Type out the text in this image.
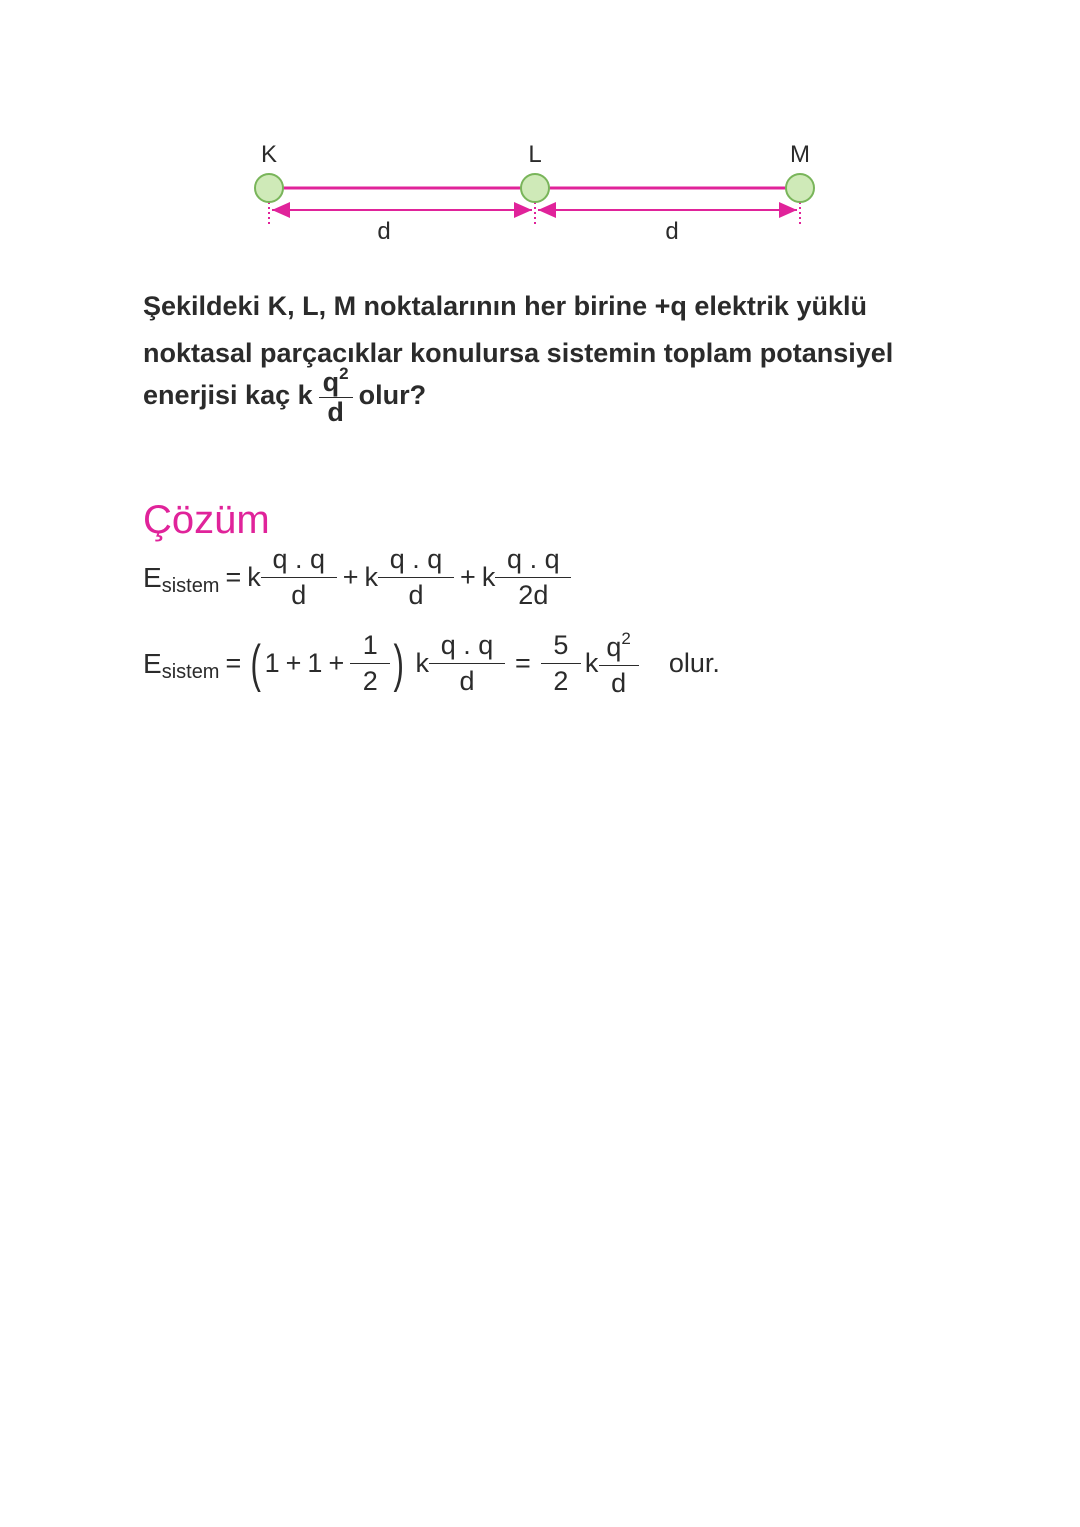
K	L	M
d	d
Şekildeki K, L, M noktalarının her birine +q elektrik yüklü
noktasal parçacıklar konulursa sistemin toplam potansiyel
enerjisi kaç k $\frac{q^2}{d}$ olur?
Çözüm
E sistem = k $\frac{q . q}{d} + k \frac{q . q}{d} + k \frac{q . q}{2d}$
E sistem = ( $1 + 1 + \frac{1}{2}$ ) k $\frac{q . q}{d} = \frac{5}{2}$ k $\frac{q^2}{d}$ olur.
